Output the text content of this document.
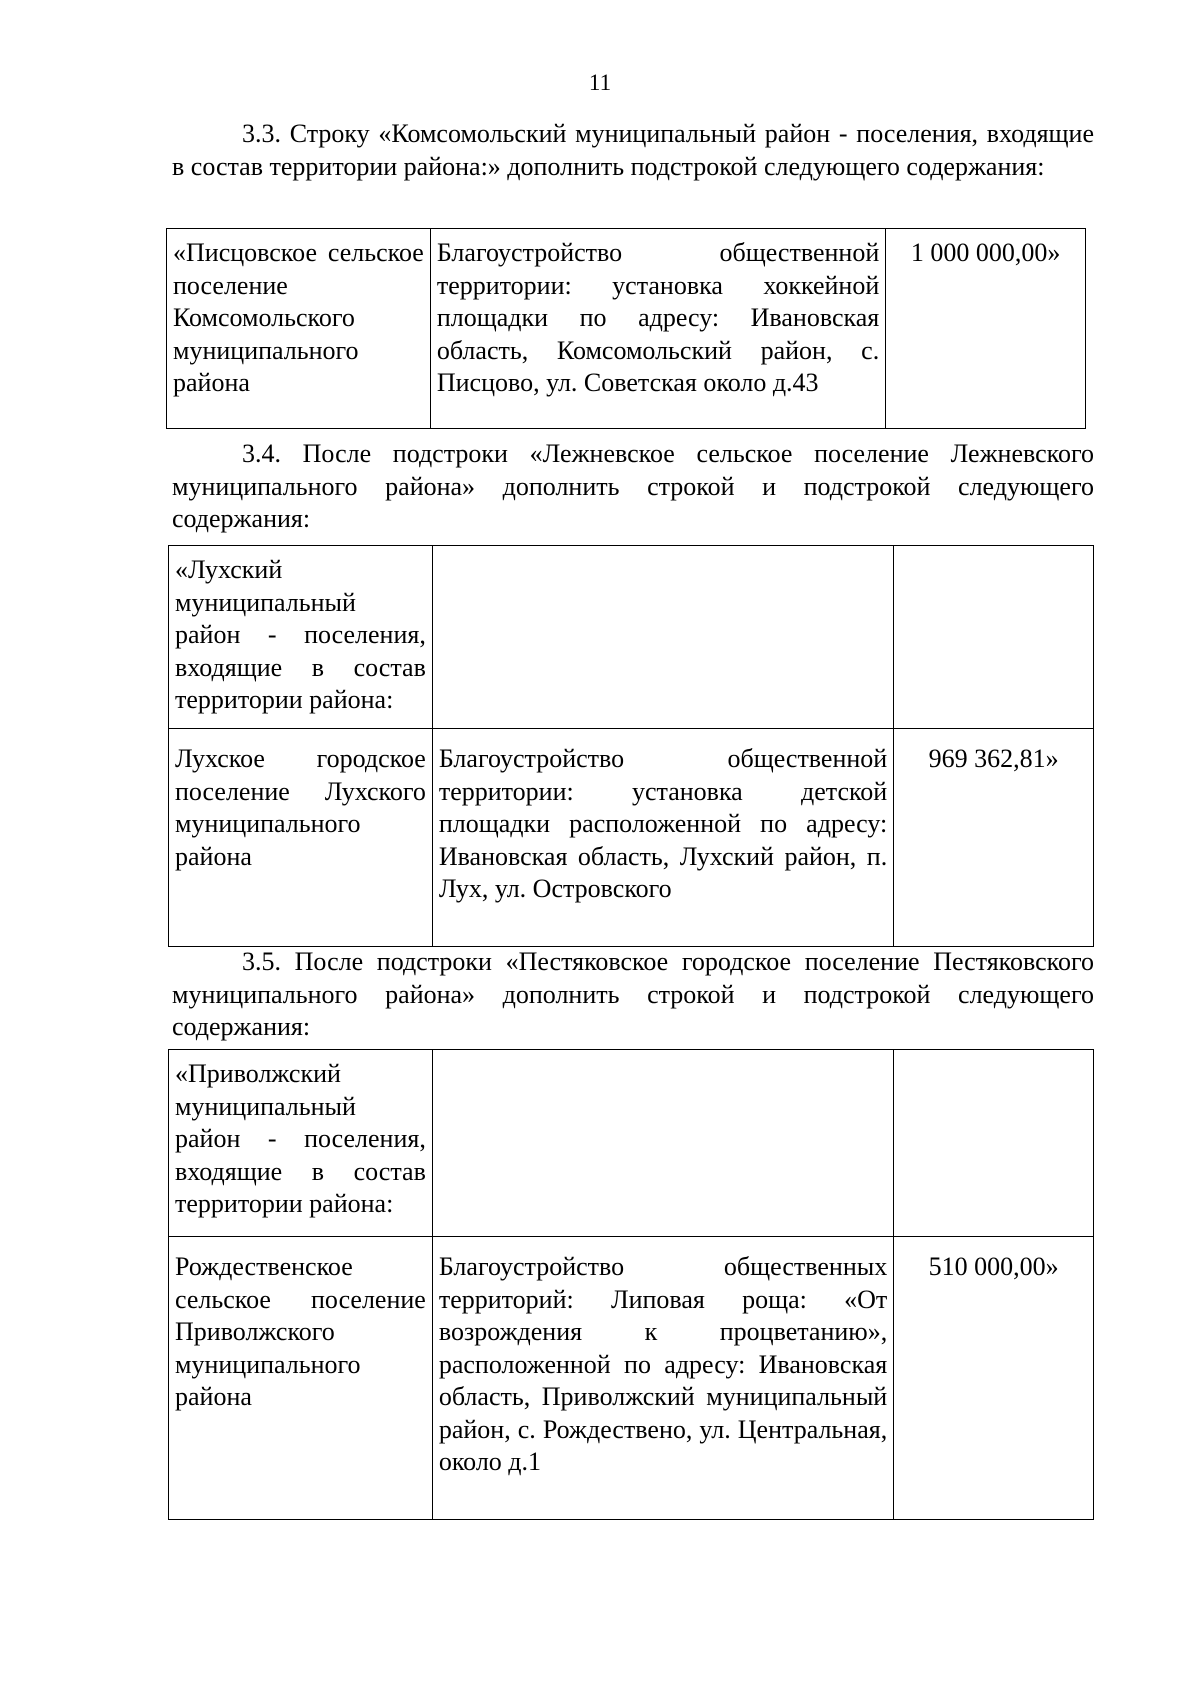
11

3.3. Строку «Комсомольский муниципальный район - поселения, входящие в состав территории района:» дополнить подстрокой следующего содержания:

«Писцовское сельское поселение Комсомольского муниципального района	Благоустройство общественной территории: установка хоккейной площадки по адресу: Ивановская область, Комсомольский район, с. Писцово, ул. Советская около д.43	1 000 000,00»

3.4. После подстроки «Лежневское сельское поселение Лежневского муниципального района» дополнить строкой и подстрокой следующего содержания:

«Лухский муниципальный район - поселения, входящие в состав территории района:		
Лухское городское поселение Лухского муниципального района	Благоустройство общественной территории: установка детской площадки расположенной по адресу: Ивановская область, Лухский район, п. Лух, ул. Островского	969 362,81»

3.5. После подстроки «Пестяковское городское поселение Пестяковского муниципального района» дополнить строкой и подстрокой следующего содержания:

«Приволжский муниципальный район - поселения, входящие в состав территории района:		
Рождественское сельское поселение Приволжского муниципального района	Благоустройство общественных территорий: Липовая роща: «От возрождения к процветанию», расположенной по адресу: Ивановская область, Приволжский муниципальный район, с. Рождествено, ул. Центральная, около д.1	510 000,00»
